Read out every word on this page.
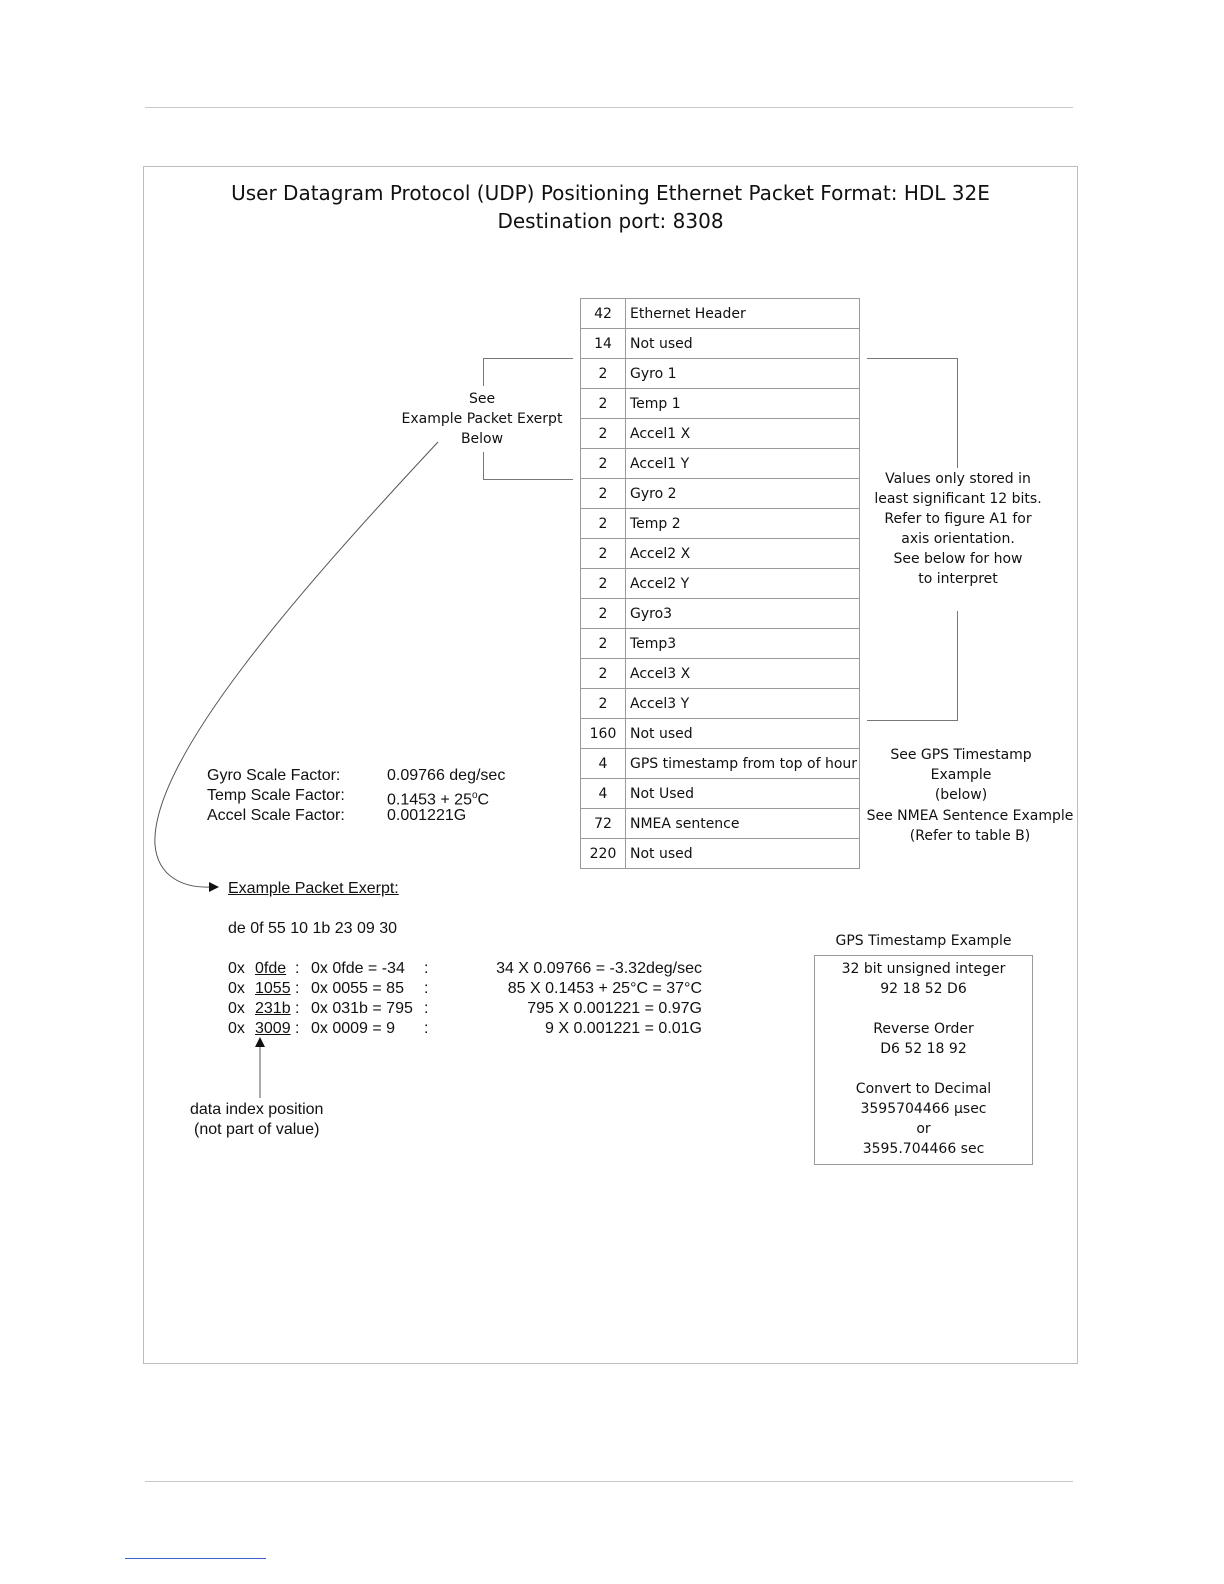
User Datagram Protocol (UDP) Positioning Ethernet Packet Format: HDL 32E
Destination port: 8308
42	Ethernet Header
14	Not used
2	Gyro 1
2	Temp 1
2	Accel1 X
2	Accel1 Y
2	Gyro 2
2	Temp 2
2	Accel2 X
2	Accel2 Y
2	Gyro3
2	Temp3
2	Accel3 X
2	Accel3 Y
160	Not used
4	GPS timestamp from top of hour
4	Not Used
72	NMEA sentence
220	Not used
See
Example Packet Exerpt
Below
Values only stored in
least significant 12 bits.
Refer to figure A1 for
axis orientation.
See below for how
to interpret
See GPS Timestamp Example
(below)
See NMEA Sentence Example
(Refer to table B)
Gyro Scale Factor:	0.09766 deg/sec
Temp Scale Factor:	$0.1453 + 25^oC$
Accel Scale Factor:	0.001221G
Example Packet Exerpt:
de 0f 55 10 1b 23 09 30
0x 0fde : 0x 0fde = -34 :	34 X 0.09766 = -3.32deg/sec
0x 1055 : 0x 0055 = 85 :	85 X 0.1453 + 25°C = 37°C
0x 231b : 0x 031b = 795 :	795 X 0.001221 = 0.97G
0x 3009 : 0x 0009 = 9 :	9 X 0.001221 = 0.01G
data index position
(not part of value)
GPS Timestamp Example
32 bit unsigned integer
92 18 52 D6
Reverse Order
D6 52 18 92
Convert to Decimal
3595704466 µsec
or
3595.704466 sec
